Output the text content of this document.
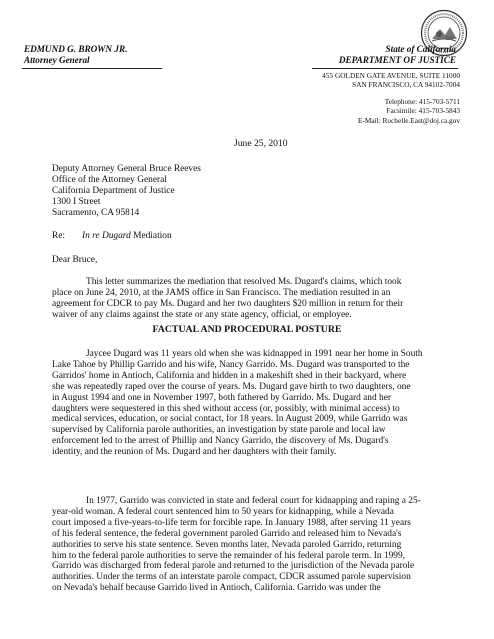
EDMUND G. BROWN JR.
Attorney General
State of California
DEPARTMENT OF JUSTICE
455 GOLDEN GATE AVENUE, SUITE 11000
SAN FRANCISCO, CA 94102-7004
Telephone: 415-703-5711
Facsimile: 415-703-5843
E-Mail: Rochelle.East@doj.ca.gov
June 25, 2010
Deputy Attorney General Bruce Reeves
Office of the Attorney General
California Department of Justice
1300 I Street
Sacramento, CA 95814
Re: In re Dugard Mediation
Dear Bruce,
This letter summarizes the mediation that resolved Ms. Dugard's claims, which took
place on June 24, 2010, at the JAMS office in San Francisco. The mediation resulted in an
agreement for CDCR to pay Ms. Dugard and her two daughters $20 million in return for their
waiver of any claims against the state or any state agency, official, or employee.
FACTUAL AND PROCEDURAL POSTURE
Jaycee Dugard was 11 years old when she was kidnapped in 1991 near her home in South
Lake Tahoe by Phillip Garrido and his wife, Nancy Garrido. Ms. Dugard was transported to the
Garridos' home in Antioch, California and hidden in a makeshift shed in their backyard, where
she was repeatedly raped over the course of years. Ms. Dugard gave birth to two daughters, one
in August 1994 and one in November 1997, both fathered by Garrido. Ms. Dugard and her
daughters were sequestered in this shed without access (or, possibly, with minimal access) to
medical services, education, or social contact, for 18 years. In August 2009, while Garrido was
supervised by California parole authorities, an investigation by state parole and local law
enforcement led to the arrest of Phillip and Nancy Garrido, the discovery of Ms. Dugard's
identity, and the reunion of Ms. Dugard and her daughters with their family.
In 1977, Garrido was convicted in state and federal court for kidnapping and raping a 25-
year-old woman. A federal court sentenced him to 50 years for kidnapping, while a Nevada
court imposed a five-years-to-life term for forcible rape. In January 1988, after serving 11 years
of his federal sentence, the federal government paroled Garrido and released him to Nevada's
authorities to serve his state sentence. Seven months later, Nevada paroled Garrido, returning
him to the federal parole authorities to serve the remainder of his federal parole term. In 1999,
Garrido was discharged from federal parole and returned to the jurisdiction of the Nevada parole
authorities. Under the terms of an interstate parole compact, CDCR assumed parole supervision
on Nevada's behalf because Garrido lived in Antioch, California. Garrido was under the
